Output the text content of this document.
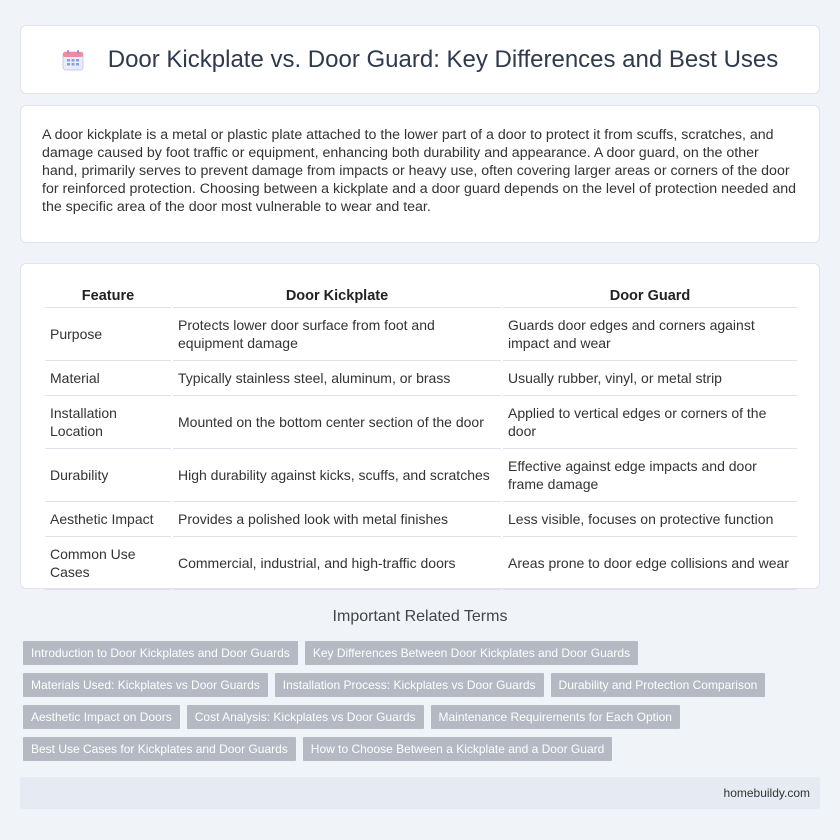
Door Kickplate vs. Door Guard: Key Differences and Best Uses

A door kickplate is a metal or plastic plate attached to the lower part of a door to protect it from scuffs, scratches, and damage caused by foot traffic or equipment, enhancing both durability and appearance. A door guard, on the other hand, primarily serves to prevent damage from impacts or heavy use, often covering larger areas or corners of the door for reinforced protection. Choosing between a kickplate and a door guard depends on the level of protection needed and the specific area of the door most vulnerable to wear and tear.

Feature	Door Kickplate	Door Guard
Purpose	Protects lower door surface from foot and equipment damage	Guards door edges and corners against impact and wear
Material	Typically stainless steel, aluminum, or brass	Usually rubber, vinyl, or metal strip
Installation Location	Mounted on the bottom center section of the door	Applied to vertical edges or corners of the door
Durability	High durability against kicks, scuffs, and scratches	Effective against edge impacts and door frame damage
Aesthetic Impact	Provides a polished look with metal finishes	Less visible, focuses on protective function
Common Use Cases	Commercial, industrial, and high-traffic doors	Areas prone to door edge collisions and wear
Important Related Terms
Introduction to Door Kickplates and Door Guards	Key Differences Between Door Kickplates and Door Guards
Materials Used: Kickplates vs Door Guards	Installation Process: Kickplates vs Door Guards	Durability and Protection Comparison
Aesthetic Impact on Doors	Cost Analysis: Kickplates vs Door Guards	Maintenance Requirements for Each Option
Best Use Cases for Kickplates and Door Guards	How to Choose Between a Kickplate and a Door Guard
homebuildy.com
